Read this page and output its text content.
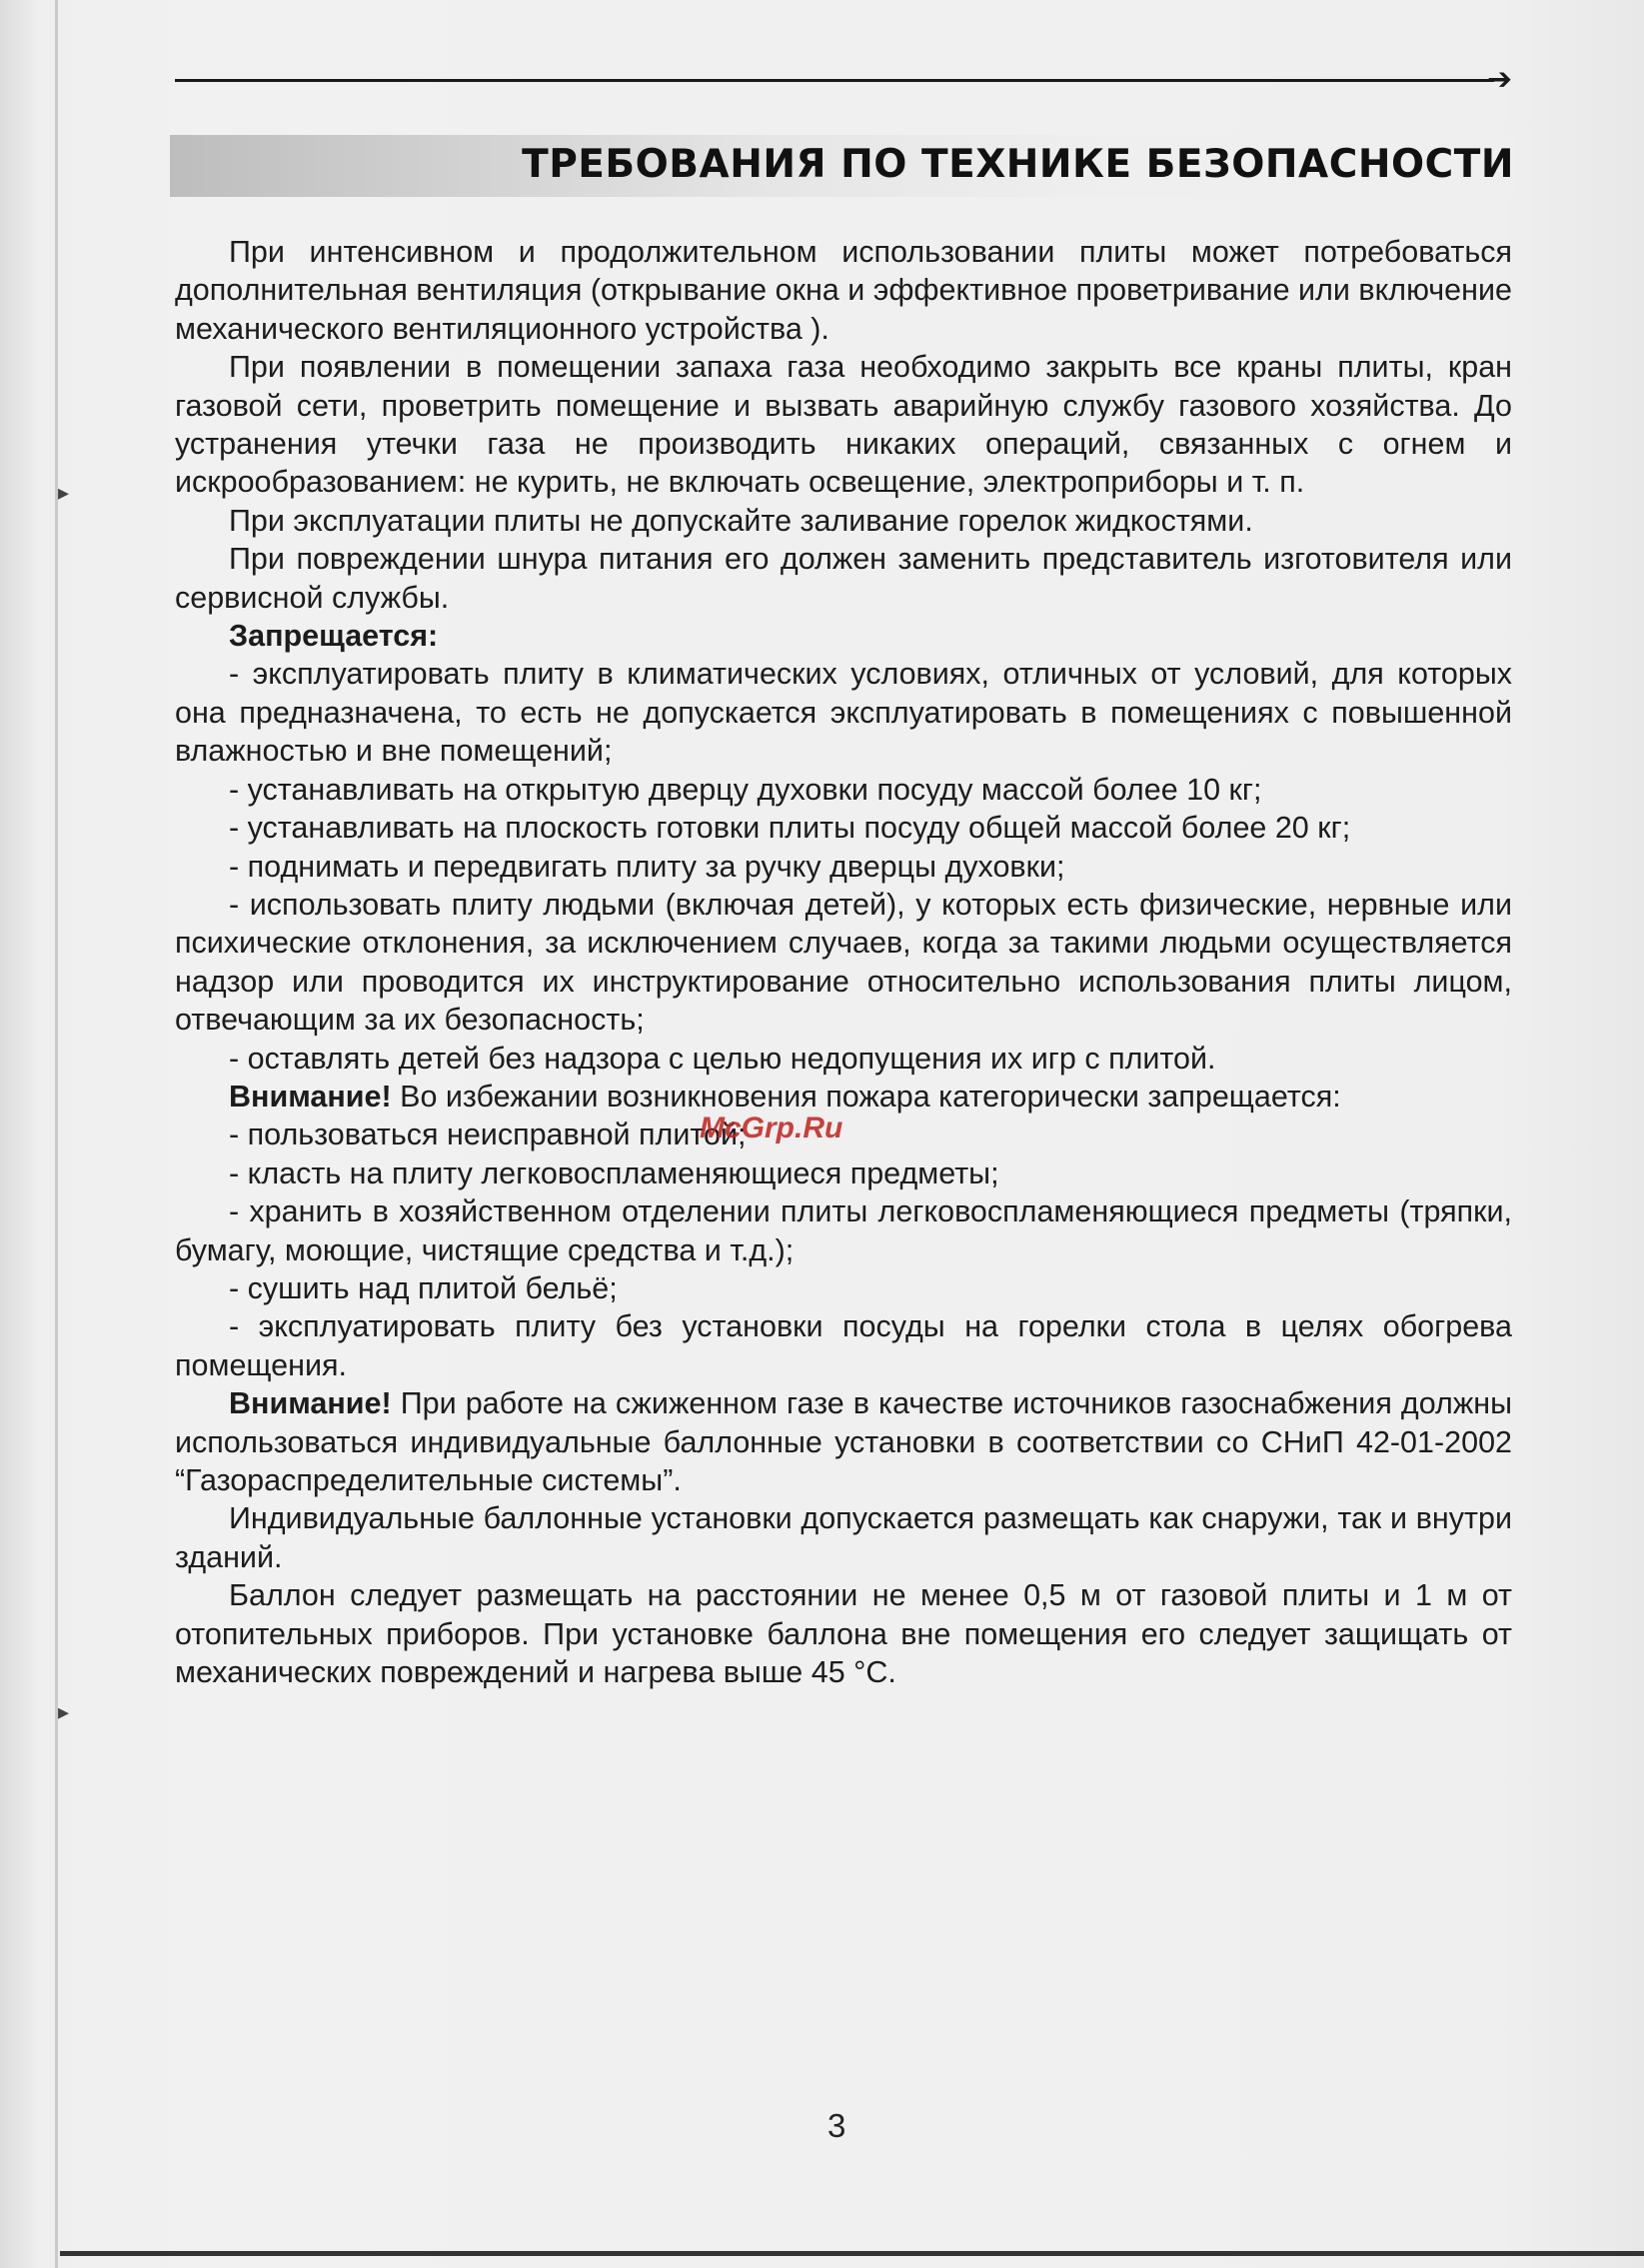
▸
▸
➔
ТРЕБОВАНИЯ ПО ТЕХНИКЕ БЕЗОПАСНОСТИ

При интенсивном и продолжительном использовании плиты может потребоваться дополнительная вентиляция (открывание окна и эффективное проветривание или включение механического вентиляционного устройства ).

При появлении в помещении запаха газа необходимо закрыть все краны плиты, кран газовой сети, проветрить помещение и вызвать аварийную службу газового хозяйства. До устранения утечки газа не производить никаких операций, связанных с огнем и искрообразованием: не курить, не включать освещение, электроприборы и т. п.

При эксплуатации плиты не допускайте заливание горелок жидкостями.

При повреждении шнура питания его должен заменить представитель изготовителя или сервисной службы.

Запрещается:

- эксплуатировать плиту в климатических условиях, отличных от условий, для которых она предназначена, то есть не допускается эксплуатировать в помещениях с повышенной влажностью и вне помещений;

- устанавливать на открытую дверцу духовки посуду массой более 10 кг;

- устанавливать на плоскость готовки плиты посуду общей массой более 20 кг;

- поднимать и передвигать плиту за ручку дверцы духовки;

- использовать плиту людьми (включая детей), у которых есть физические, нервные или психические отклонения, за исключением случаев, когда за такими людьми осуществляется надзор или проводится их инструктирование относительно использования плиты лицом, отвечающим за их безопасность;

- оставлять детей без надзора с целью недопущения их игр с плитой.

Внимание! Во избежании возникновения пожара категорически запрещается:

- пользоваться неисправной плитой;

- класть на плиту легковоспламеняющиеся предметы;

- хранить в хозяйственном отделении плиты легковоспламеняющиеся предметы (тряпки, бумагу, моющие, чистящие средства и т.д.);

- сушить над плитой бельё;

- эксплуатировать плиту без установки посуды на горелки стола в целях обогрева помещения.

Внимание! При работе на сжиженном газе в качестве источников газоснабжения должны использоваться индивидуальные баллонные установки в соответствии со СНиП 42-01-2002 “Газораспределительные системы”.

Индивидуальные баллонные установки допускается размещать как снаружи, так и внутри зданий.

Баллон следует размещать на расстоянии не менее 0,5 м от газовой плиты и 1 м от отопительных приборов. При установке баллона вне помещения его следует защищать от механических повреждений и нагрева выше 45 °С.

McGrp.Ru
3
